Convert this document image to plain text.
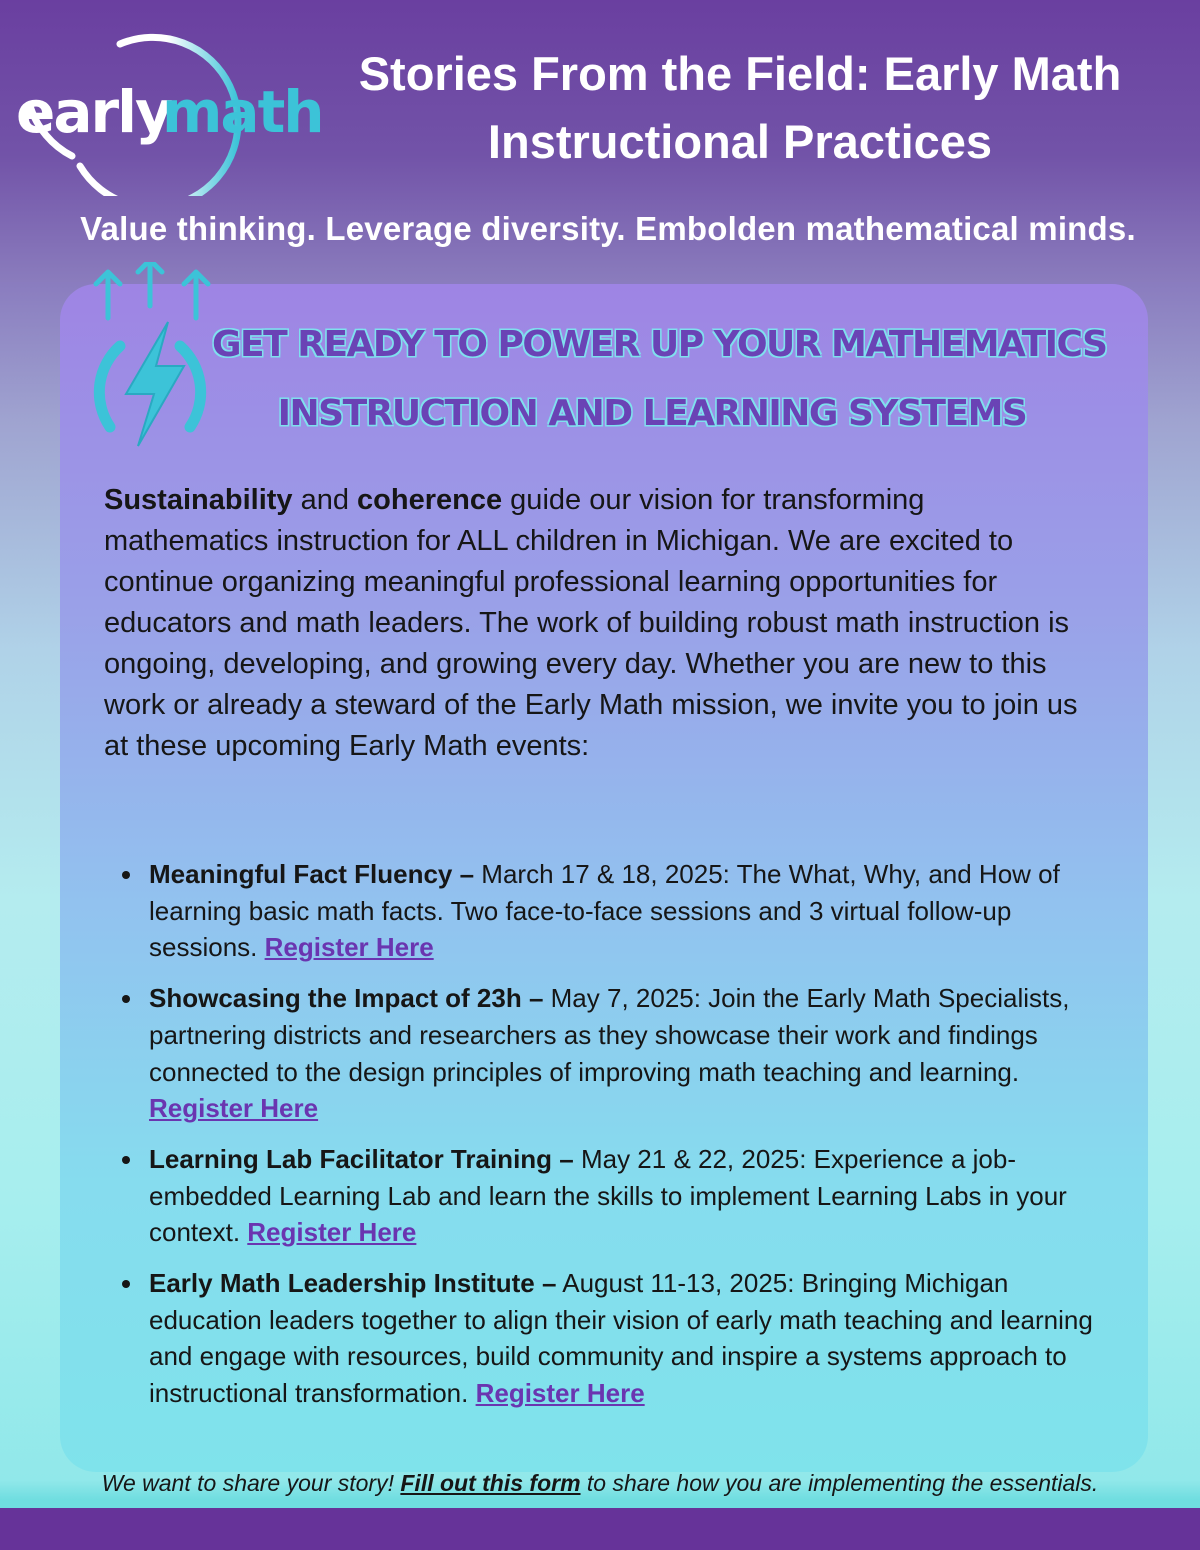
early
math
Stories From the Field: Early Math
Instructional Practices
Value thinking. Leverage diversity. Embolden mathematical minds.
GET READY TO POWER UP YOUR MATHEMATICS
INSTRUCTION AND LEARNING SYSTEMS

Sustainability and coherence guide our vision for transforming mathematics instruction for ALL children in Michigan. We are excited to continue organizing meaningful professional learning opportunities for educators and math leaders. The work of building robust math instruction is ongoing, developing, and growing every day. Whether you are new to this work or already a steward of the Early Math mission, we invite you to join us at these upcoming Early Math events:

Meaningful Fact Fluency – March 17 & 18, 2025: The What, Why, and How of learning basic math facts. Two face-to-face sessions and 3 virtual follow-up sessions. Register Here
Showcasing the Impact of 23h – May 7, 2025: Join the Early Math Specialists, partnering districts and researchers as they showcase their work and findings connected to the design principles of improving math teaching and learning. Register Here
Learning Lab Facilitator Training – May 21 & 22, 2025: Experience a job-embedded Learning Lab and learn the skills to implement Learning Labs in your context. Register Here
Early Math Leadership Institute – August 11-13, 2025: Bringing Michigan education leaders together to align their vision of early math teaching and learning and engage with resources, build community and inspire a systems approach to instructional transformation. Register Here
We want to share your story! Fill out this form to share how you are implementing the essentials.
